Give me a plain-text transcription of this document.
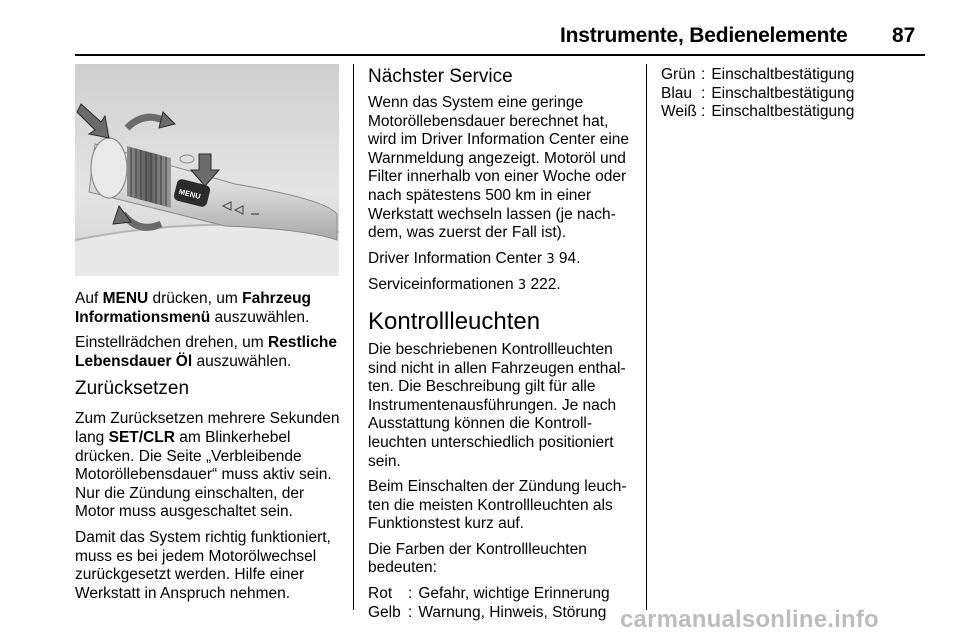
Instrumente, Bedienelemente 87
MENU

Auf MENU drücken, um Fahrzeug Informationsmenü auszuwählen.

Einstellrädchen drehen, um Restliche Lebensdauer Öl auszuwählen.

Zurücksetzen

Zum Zurücksetzen mehrere Sekunden lang SET/CLR am Blinkerhebel drücken. Die Seite „Verbleibende Motoröllebensdauer“ muss aktiv sein. Nur die Zündung einschalten, der Motor muss ausgeschaltet sein.

Damit das System richtig funktioniert, muss es bei jedem Motorölwechsel zurückgesetzt werden. Hilfe einer Werkstatt in Anspruch nehmen.

Nächster Service

Wenn das System eine geringe Motoröllebensdauer berechnet hat, wird im Driver Information Center eine Warnmeldung angezeigt. Motoröl und Filter innerhalb von einer Woche oder nach spätestens 500 km in einer Werkstatt wechseln lassen (je nachdem, was zuerst der Fall ist).

Driver Information Center 3 94.

Serviceinformationen 3 222.

Kontrollleuchten

Die beschriebenen Kontrollleuchten sind nicht in allen Fahrzeugen enthalten. Die Beschreibung gilt für alle Instrumentenausführungen. Je nach Ausstattung können die Kontrollleuchten unterschiedlich positioniert sein.

Beim Einschalten der Zündung leuchten die meisten Kontrollleuchten als Funktionstest kurz auf.

Die Farben der Kontrollleuchten bedeuten:

Rot	:	Gefahr, wichtige Erinnerung
Gelb	:	Warnung, Hinweis, Störung
Grün	:	Einschaltbestätigung
Blau	:	Einschaltbestätigung
Weiß	:	Einschaltbestätigung
carmanualsonline.info
